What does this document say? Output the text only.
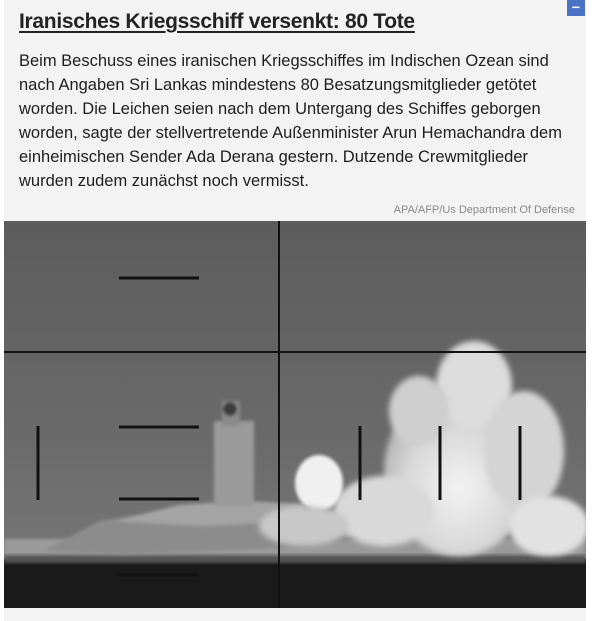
−
Iranisches Kriegsschiff versenkt: 80 Tote

Beim Beschuss eines iranischen Kriegsschiffes im Indischen Ozean sind nach Angaben Sri Lankas mindestens 80 Besatzungsmitglieder getötet worden. Die Leichen seien nach dem Untergang des Schiffes geborgen worden, sagte der stellvertretende Außenminister Arun Hemachandra dem einheimischen Sender Ada Derana gestern. Dutzende Crewmitglieder wurden zudem zunächst noch vermisst.

APA/AFP/Us Department Of Defense
